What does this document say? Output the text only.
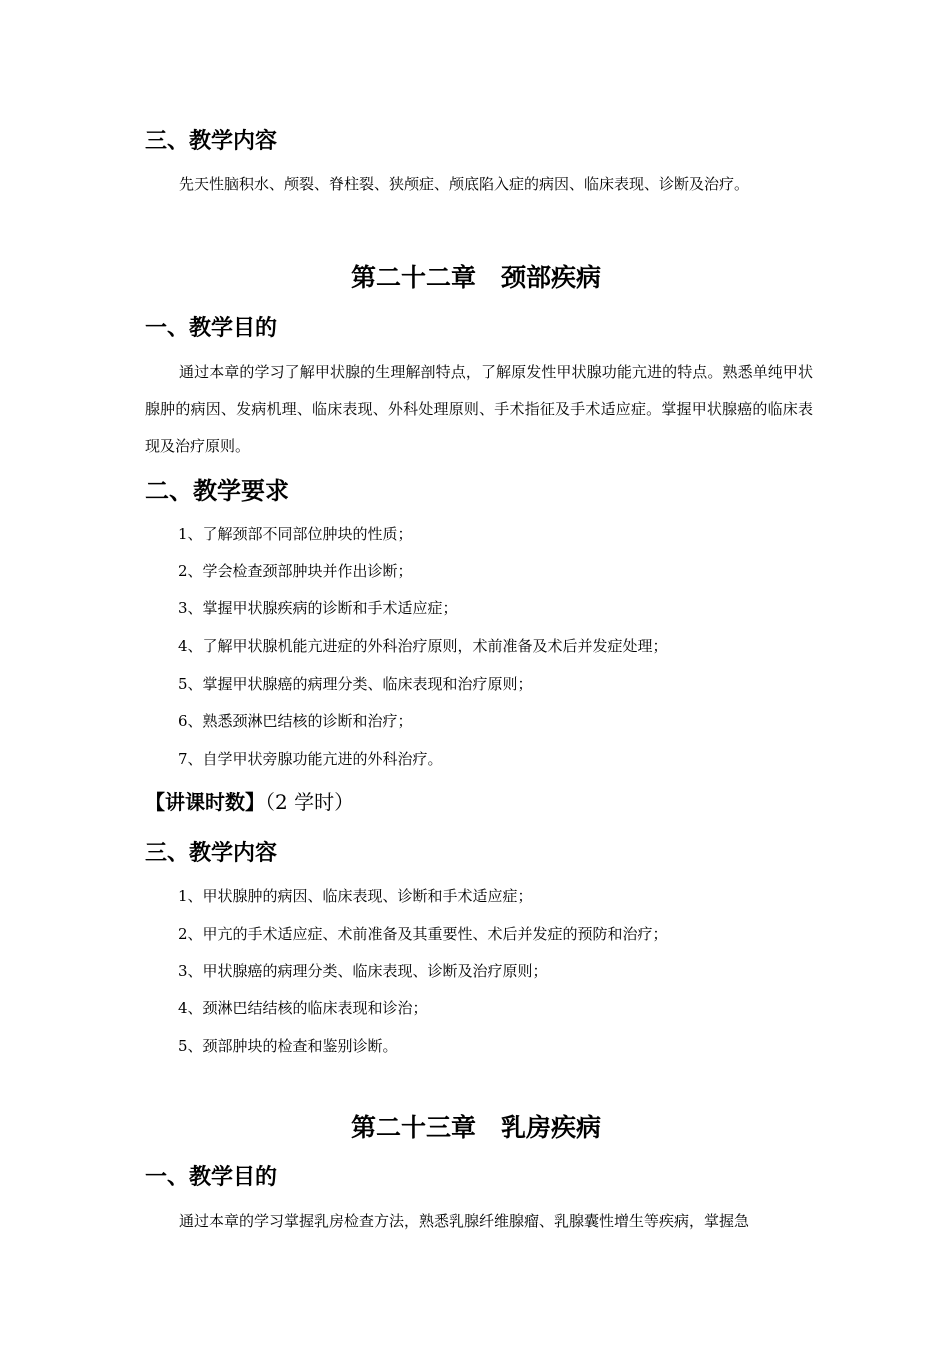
三、教学内容

先天性脑积水、颅裂、脊柱裂、狭颅症、颅底陷入症的病因、临床表现、诊断及治疗。

第二十二章　颈部疾病
一、教学目的

通过本章的学习了解甲状腺的生理解剖特点，了解原发性甲状腺功能亢进的特点。熟悉单纯甲状腺肿的病因、发病机理、临床表现、外科处理原则、手术指征及手术适应症。掌握甲状腺癌的临床表现及治疗原则。

二、教学要求

1、了解颈部不同部位肿块的性质；

2、学会检查颈部肿块并作出诊断；

3、掌握甲状腺疾病的诊断和手术适应症；

4、了解甲状腺机能亢进症的外科治疗原则，术前准备及术后并发症处理；

5、掌握甲状腺癌的病理分类、临床表现和治疗原则；

6、熟悉颈淋巴结核的诊断和治疗；

7、自学甲状旁腺功能亢进的外科治疗。

【讲课时数】（2 学时）

三、教学内容

1、甲状腺肿的病因、临床表现、诊断和手术适应症；

2、甲亢的手术适应症、术前准备及其重要性、术后并发症的预防和治疗；

3、甲状腺癌的病理分类、临床表现、诊断及治疗原则；

4、颈淋巴结结核的临床表现和诊治；

5、颈部肿块的检查和鉴别诊断。

第二十三章　乳房疾病
一、教学目的

通过本章的学习掌握乳房检查方法，熟悉乳腺纤维腺瘤、乳腺囊性增生等疾病，掌握急
